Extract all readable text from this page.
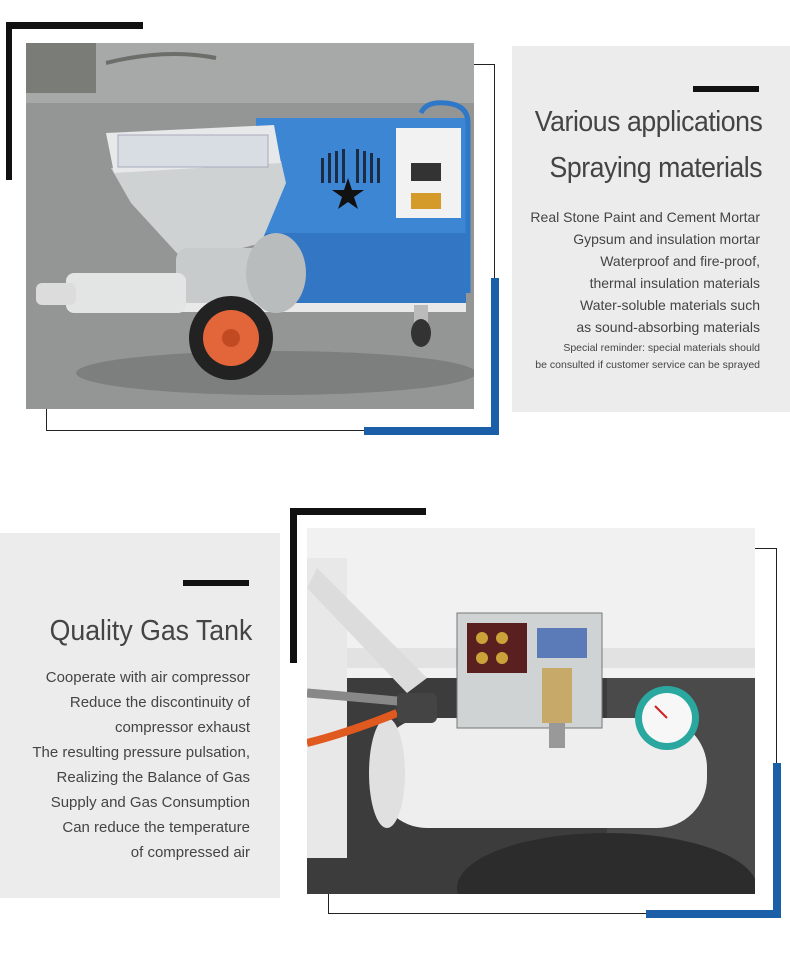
Various applications
Spraying materials
Real Stone Paint and Cement Mortar
Gypsum and insulation mortar
Waterproof and fire-proof,
thermal insulation materials
Water-soluble materials such
as sound-absorbing materials
Special reminder: special materials should
be consulted if customer service can be sprayed
Quality Gas Tank
Cooperate with air compressor
Reduce the discontinuity of
compressor exhaust
The resulting pressure pulsation,
Realizing the Balance of Gas
Supply and Gas Consumption
Can reduce the temperature
of compressed air
